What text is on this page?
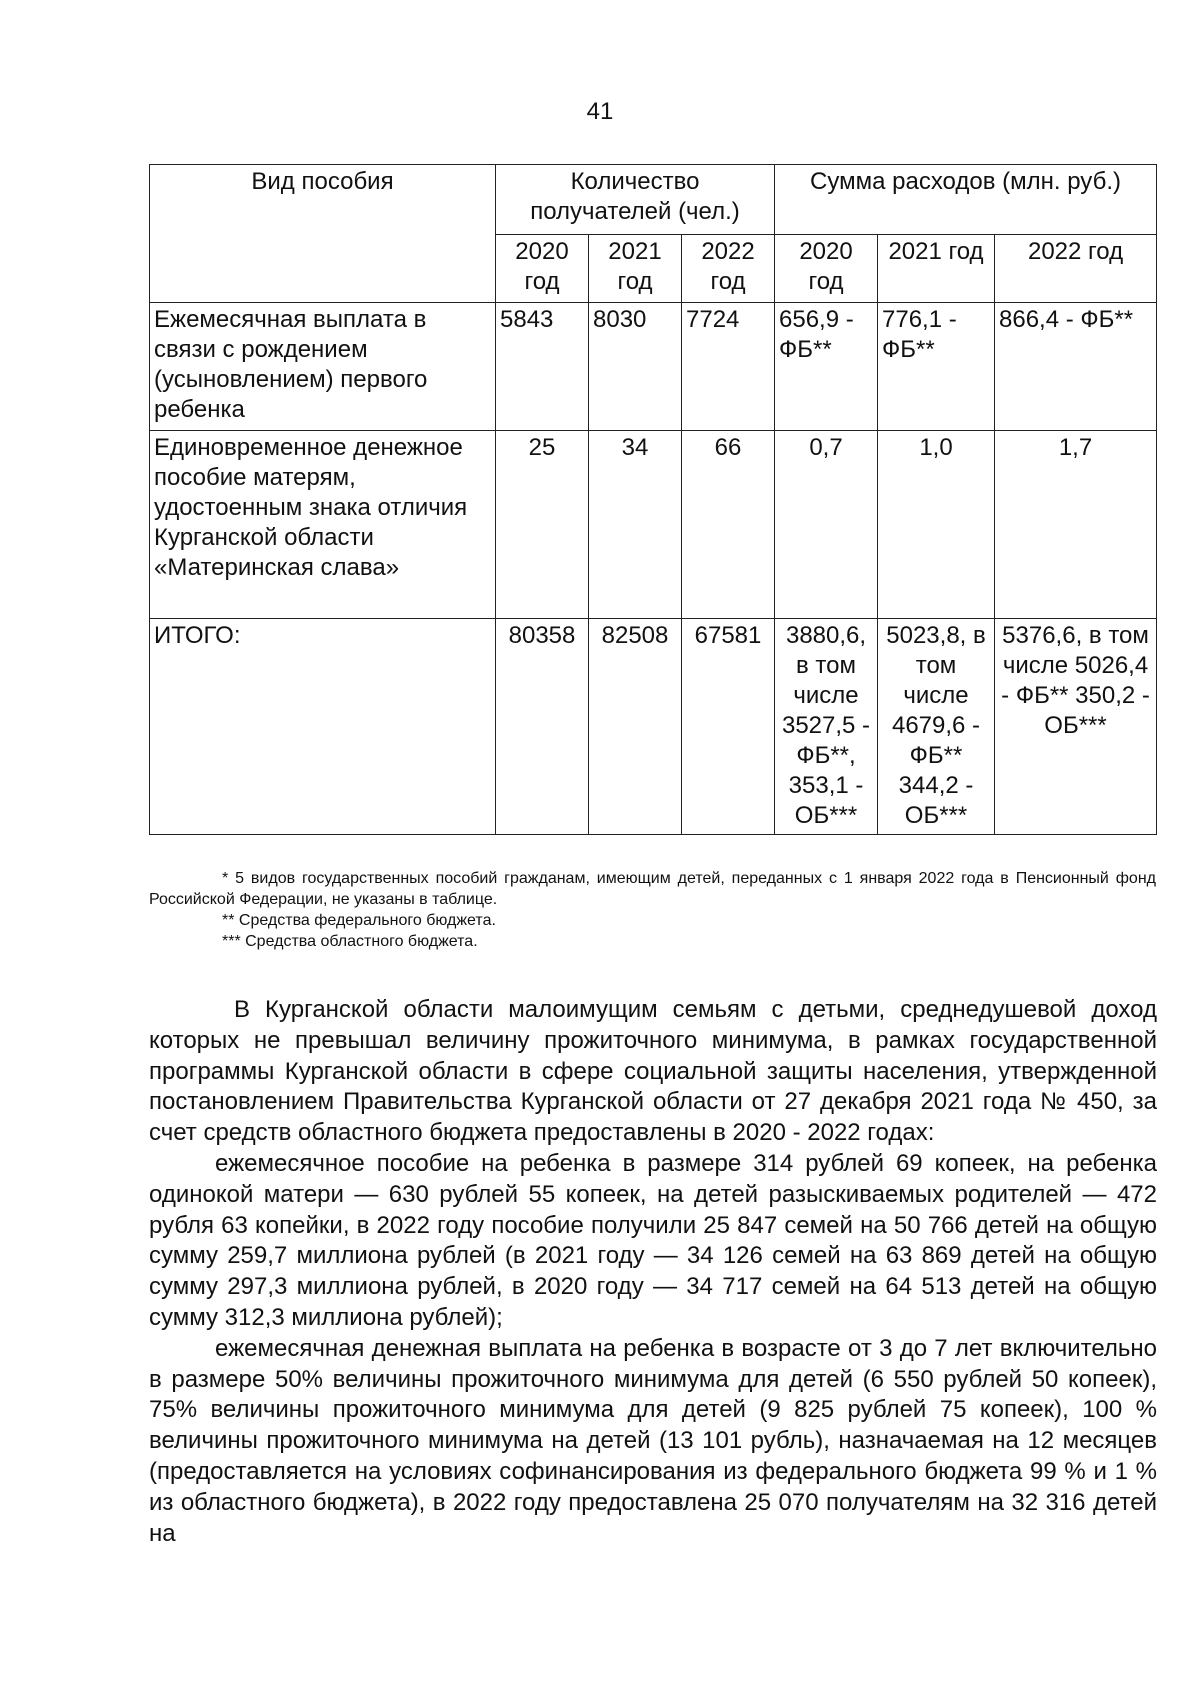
41
Вид пособия	Количество получателей (чел.)			Сумма расходов (млн. руб.)		
	2020 год	2021 год	2022 год	2020 год	2021 год	2022 год
Ежемесячная выплата в связи с рождением (усыновлением) первого ребенка	5843	8030	7724	656,9 - ФБ**	776,1 - ФБ**	866,4 - ФБ**
Единовременное денежное пособие матерям, удостоенным знака отличия Курганской области «Материнская слава»	25	34	66	0,7	1,0	1,7
ИТОГО:	80358	82508	67581	3880,6, в том числе 3527,5 - ФБ**, 353,1 - ОБ***	5023,8, в том числе 4679,6 - ФБ** 344,2 - ОБ***	5376,6, в том числе 5026,4 - ФБ** 350,2 - ОБ***

* 5 видов государственных пособий гражданам, имеющим детей, переданных с 1 января 2022 года в Пенсионный фонд Российской Федерации, не указаны в таблице.

** Средства федерального бюджета.

*** Средства областного бюджета.

В Курганской области малоимущим семьям с детьми, среднедушевой доход которых не превышал величину прожиточного минимума, в рамках государственной программы Курганской области в сфере социальной защиты населения, утвержденной постановлением Правительства Курганской области от 27 декабря 2021 года № 450, за счет средств областного бюджета предоставлены в 2020 - 2022 годах:

ежемесячное пособие на ребенка в размере 314 рублей 69 копеек, на ребенка одинокой матери — 630 рублей 55 копеек, на детей разыскиваемых родителей — 472 рубля 63 копейки, в 2022 году пособие получили 25 847 семей на 50 766 детей на общую сумму 259,7 миллиона рублей (в 2021 году — 34 126 семей на 63 869 детей на общую сумму 297,3 миллиона рублей, в 2020 году — 34 717 семей на 64 513 детей на общую сумму 312,3 миллиона рублей);

ежемесячная денежная выплата на ребенка в возрасте от 3 до 7 лет включительно в размере 50% величины прожиточного минимума для детей (6 550 рублей 50 копеек), 75% величины прожиточного минимума для детей (9 825 рублей 75 копеек), 100 % величины прожиточного минимума на детей (13 101 рубль), назначаемая на 12 месяцев (предоставляется на условиях софинансирования из федерального бюджета 99 % и 1 % из областного бюджета), в 2022 году предоставлена 25 070 получателям на 32 316 детей на
